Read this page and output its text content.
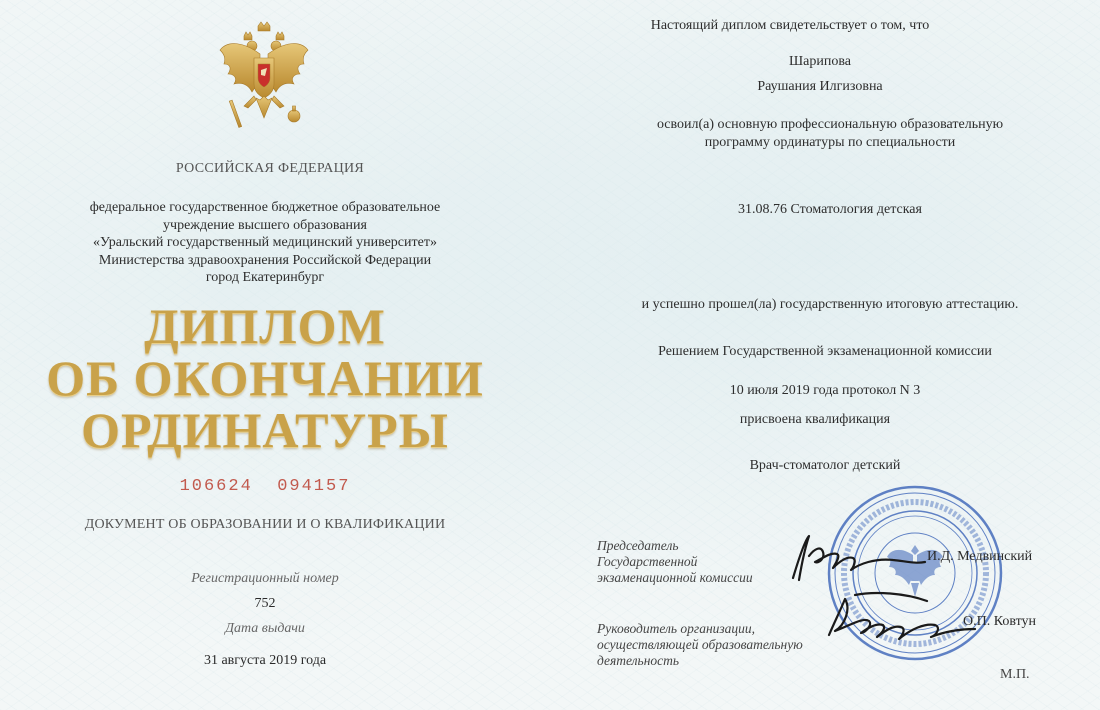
РОССИЙСКАЯ ФЕДЕРАЦИЯ
федеральное государственное бюджетное образовательное
учреждение высшего образования
«Уральский государственный медицинский университет»
Министерства здравоохранения Российской Федерации
город Екатеринбург
ДИПЛОМ
ОБ ОКОНЧАНИИ
ОРДИНАТУРЫ
106624  094157
ДОКУМЕНТ ОБ ОБРАЗОВАНИИ И О КВАЛИФИКАЦИИ
Регистрационный номер
752
Дата выдачи
31 августа 2019 года
Настоящий диплом свидетельствует о том, что
Шарипова
Раушания Илгизовна
освоил(а) основную профессиональную образовательную
программу ординатуры по специальности
31.08.76 Стоматология детская
и успешно прошел(ла) государственную итоговую аттестацию.
Решением Государственной экзаменационной комиссии
10 июля 2019 года протокол N 3
присвоена квалификация
Врач-стоматолог детский
Председатель
Государственной
экзаменационной комиссии
И.Д. Медвинский
Руководитель организации,
осуществляющей образовательную
деятельность
О.П. Ковтун
М.П.
